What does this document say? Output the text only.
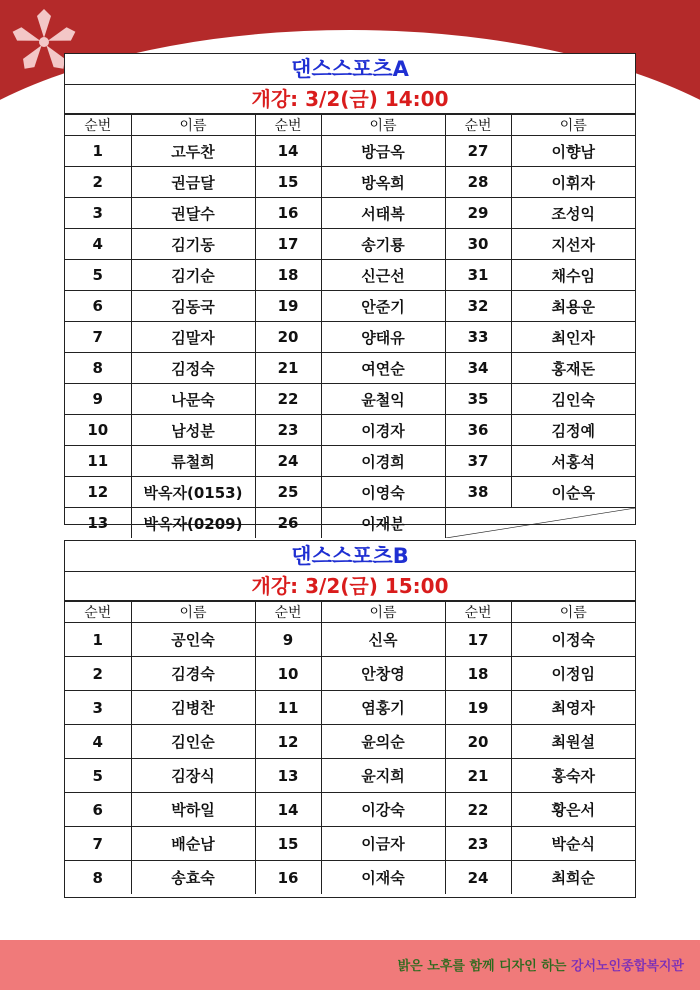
댄스스포츠A
개강: 3/2(금) 14:00
순번	이름	순번	이름	순번	이름
1	고두찬	14	방금옥	27	이향남
2	권금달	15	방옥희	28	이휘자
3	권달수	16	서태복	29	조성익
4	김기동	17	송기룡	30	지선자
5	김기순	18	신근선	31	채수임
6	김동국	19	안준기	32	최용운
7	김말자	20	양태유	33	최인자
8	김정숙	21	여연순	34	홍재돈
9	나문숙	22	윤철익	35	김인숙
10	남성분	23	이경자	36	김정예
11	류철희	24	이경희	37	서홍석
12	박옥자(0153)	25	이영숙	38	이순옥
13	박옥자(0209)	26	이재분	
댄스스포츠B
개강: 3/2(금) 15:00
순번	이름	순번	이름	순번	이름
1	공인숙	9	신옥	17	이정숙
2	김경숙	10	안창영	18	이정임
3	김병찬	11	염홍기	19	최영자
4	김인순	12	윤의순	20	최원설
5	김장식	13	윤지희	21	홍숙자
6	박하일	14	이강숙	22	황은서
7	배순남	15	이금자	23	박순식
8	송효숙	16	이재숙	24	최희순
밝은 노후를 함께 디자인 하는 강서노인종합복지관
